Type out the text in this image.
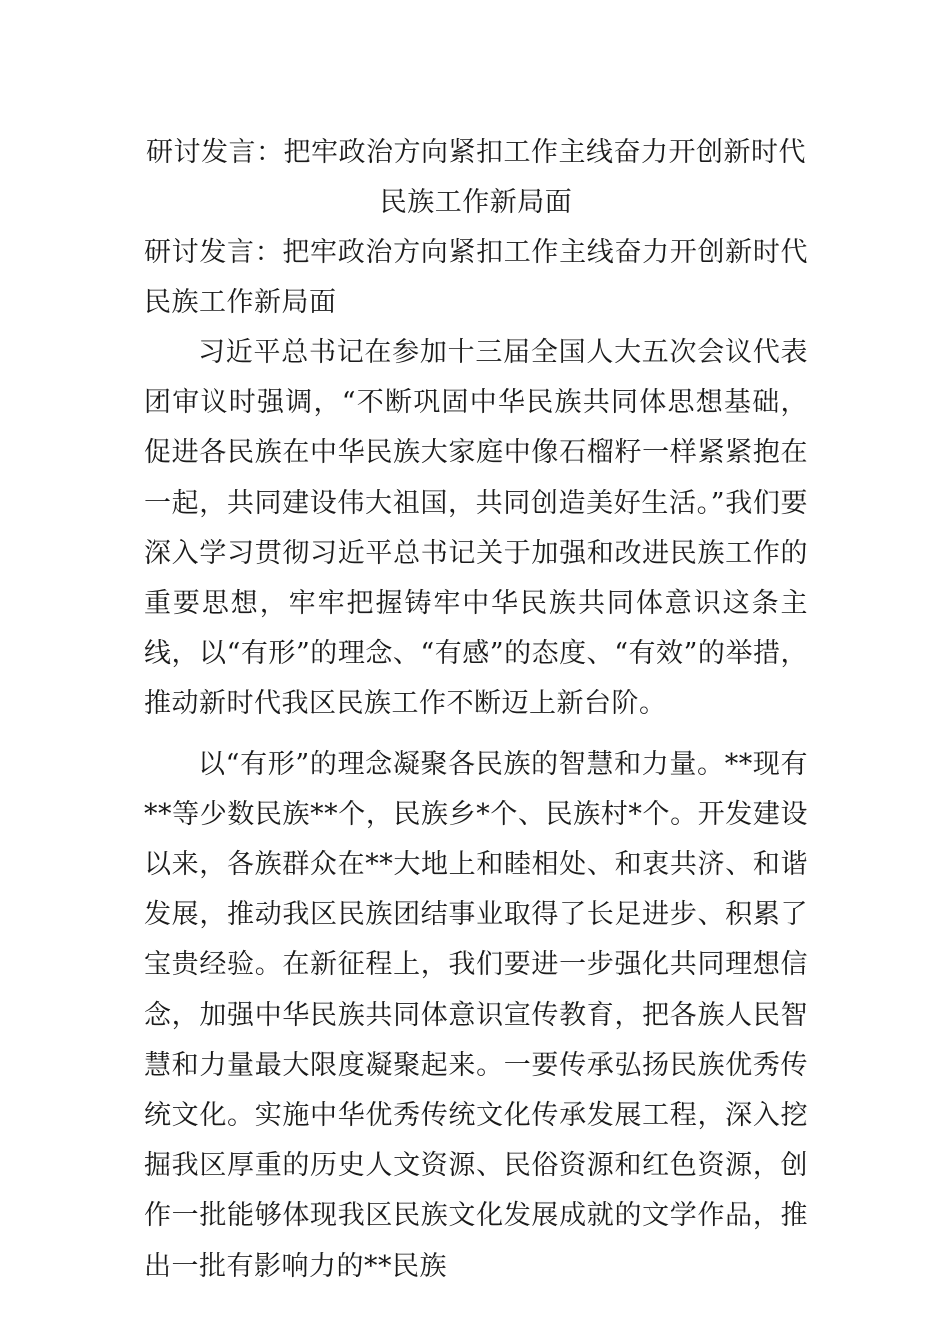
研讨发言：把牢政治方向紧扣工作主线奋力开创新时代民族工作新局面

研讨发言：把牢政治方向紧扣工作主线奋力开创新时代民族工作新局面

习近平总书记在参加十三届全国人大五次会议代表团审议时强调，“不断巩固中华民族共同体思想基础，促进各民族在中华民族大家庭中像石榴籽一样紧紧抱在一起，共同建设伟大祖国，共同创造美好生活。”我们要深入学习贯彻习近平总书记关于加强和改进民族工作的重要思想，牢牢把握铸牢中华民族共同体意识这条主线，以“有形”的理念、“有感”的态度、“有效”的举措，推动新时代我区民族工作不断迈上新台阶。

以“有形”的理念凝聚各民族的智慧和力量。**现有**等少数民族**个，民族乡*个、民族村*个。开发建设以来，各族群众在**大地上和睦相处、和衷共济、和谐发展，推动我区民族团结事业取得了长足进步、积累了宝贵经验。在新征程上，我们要进一步强化共同理想信念，加强中华民族共同体意识宣传教育，把各族人民智慧和力量最大限度凝聚起来。一要传承弘扬民族优秀传统文化。实施中华优秀传统文化传承发展工程，深入挖掘我区厚重的历史人文资源、民俗资源和红色资源，创作一批能够体现我区民族文化发展成就的文学作品，推出一批有影响力的**民族
